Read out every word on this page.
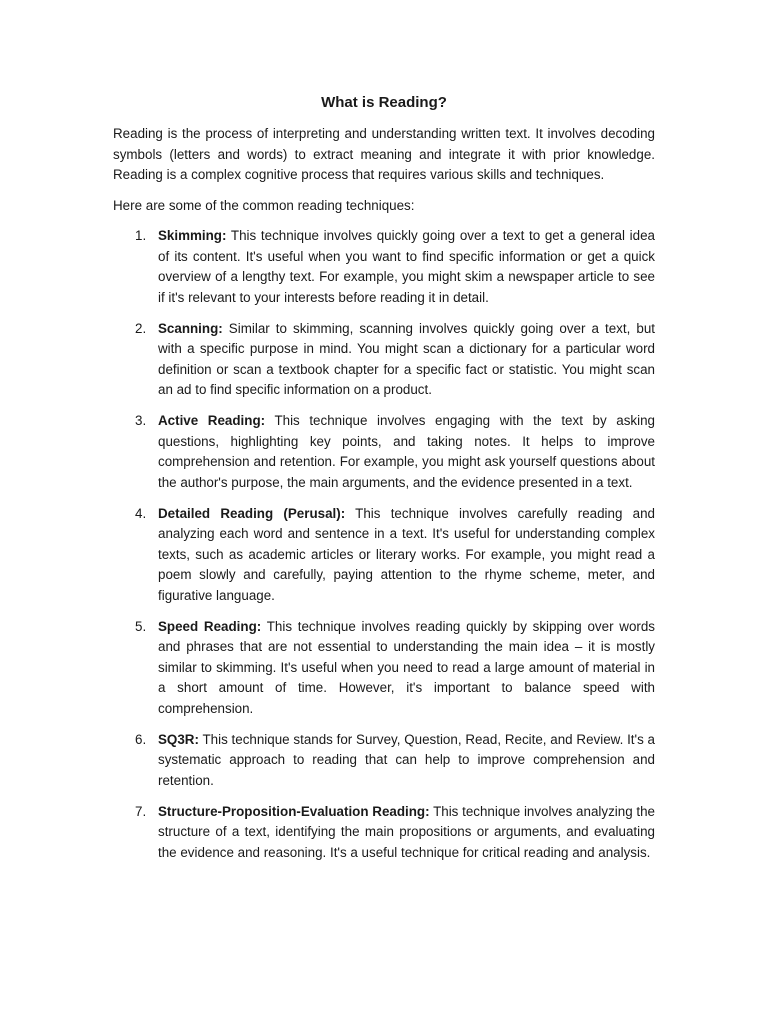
What is Reading?

Reading is the process of interpreting and understanding written text. It involves decoding symbols (letters and words) to extract meaning and integrate it with prior knowledge. Reading is a complex cognitive process that requires various skills and techniques.

Here are some of the common reading techniques:

1. Skimming: This technique involves quickly going over a text to get a general idea of its content. It's useful when you want to find specific information or get a quick overview of a lengthy text. For example, you might skim a newspaper article to see if it's relevant to your interests before reading it in detail.
2. Scanning: Similar to skimming, scanning involves quickly going over a text, but with a specific purpose in mind. You might scan a dictionary for a particular word definition or scan a textbook chapter for a specific fact or statistic. You might scan an ad to find specific information on a product.
3. Active Reading: This technique involves engaging with the text by asking questions, highlighting key points, and taking notes. It helps to improve comprehension and retention. For example, you might ask yourself questions about the author's purpose, the main arguments, and the evidence presented in a text.
4. Detailed Reading (Perusal): This technique involves carefully reading and analyzing each word and sentence in a text. It's useful for understanding complex texts, such as academic articles or literary works. For example, you might read a poem slowly and carefully, paying attention to the rhyme scheme, meter, and figurative language.
5. Speed Reading: This technique involves reading quickly by skipping over words and phrases that are not essential to understanding the main idea – it is mostly similar to skimming. It's useful when you need to read a large amount of material in a short amount of time. However, it's important to balance speed with comprehension.
6. SQ3R: This technique stands for Survey, Question, Read, Recite, and Review. It's a systematic approach to reading that can help to improve comprehension and retention.
7. Structure-Proposition-Evaluation Reading: This technique involves analyzing the structure of a text, identifying the main propositions or arguments, and evaluating the evidence and reasoning. It's a useful technique for critical reading and analysis.
